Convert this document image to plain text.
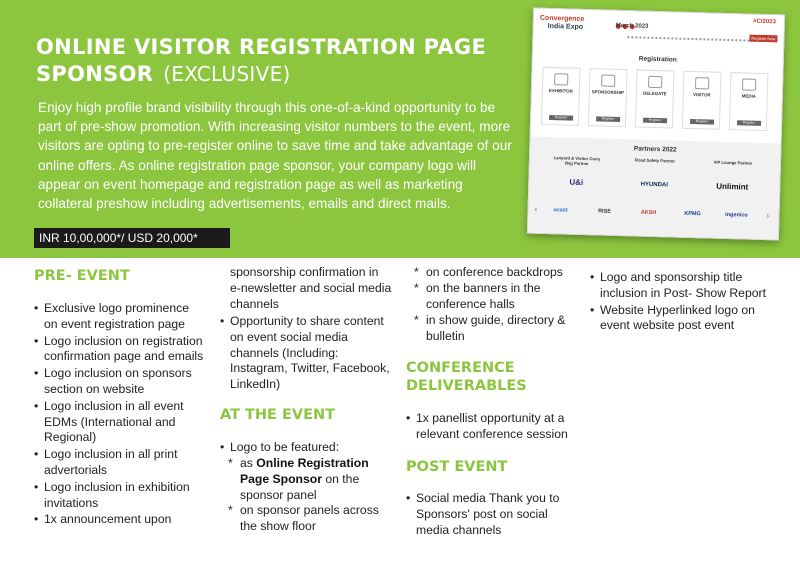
ONLINE VISITOR REGISTRATION PAGE
SPONSOR (EXCLUSIVE)
Enjoy high profile brand visibility through this one-of-a-kind opportunity to be part of pre-show promotion. With increasing visitor numbers to the event, more visitors are opting to pre-register online to save time and take advantage of our online offers. As online registration page sponsor, your company logo will appear on event homepage and registration page as well as marketing collateral preshow including advertisements, emails and direct mails.
INR 10,00,000*/ USD 20,000*
Convergence
India Expo	March 2023
#CI2023
Register Now
Registration
EXHIBITOR
Register
SPONSORSHIP
Register
DELEGATE
Register
VISITOR
Register
MEDIA
Register
Partners 2022
Lanyard & Visitor Carry Bag Partner	Road Safety Partner	VIP Lounge Partner
U&i	HYUNDAI	Unlimint
‹	ucast	RISE	AKSH	KPMG	ingenico	›
PRE- EVENT
• Exclusive logo prominence on event registration page
• Logo inclusion on registration confirmation page and emails
• Logo inclusion on sponsors section on website
• Logo inclusion in all event EDMs (International and Regional)
• Logo inclusion in all print advertorials
• Logo inclusion in exhibition invitations
• 1x announcement upon
sponsorship confirmation in e-newsletter and social media channels
• Opportunity to share content on event social media channels (Including: Instagram, Twitter, Facebook, LinkedIn)
AT THE EVENT
• Logo to be featured:
* as Online Registration Page Sponsor on the sponsor panel
* on sponsor panels across the show floor
* on conference backdrops
* on the banners in the conference halls
* in show guide, directory & bulletin
CONFERENCE
DELIVERABLES
• 1x panellist opportunity at a relevant conference session
POST EVENT
• Social media Thank you to Sponsors' post on social media channels
• Logo and sponsorship title inclusion in Post- Show Report
• Website Hyperlinked logo on event website post event
